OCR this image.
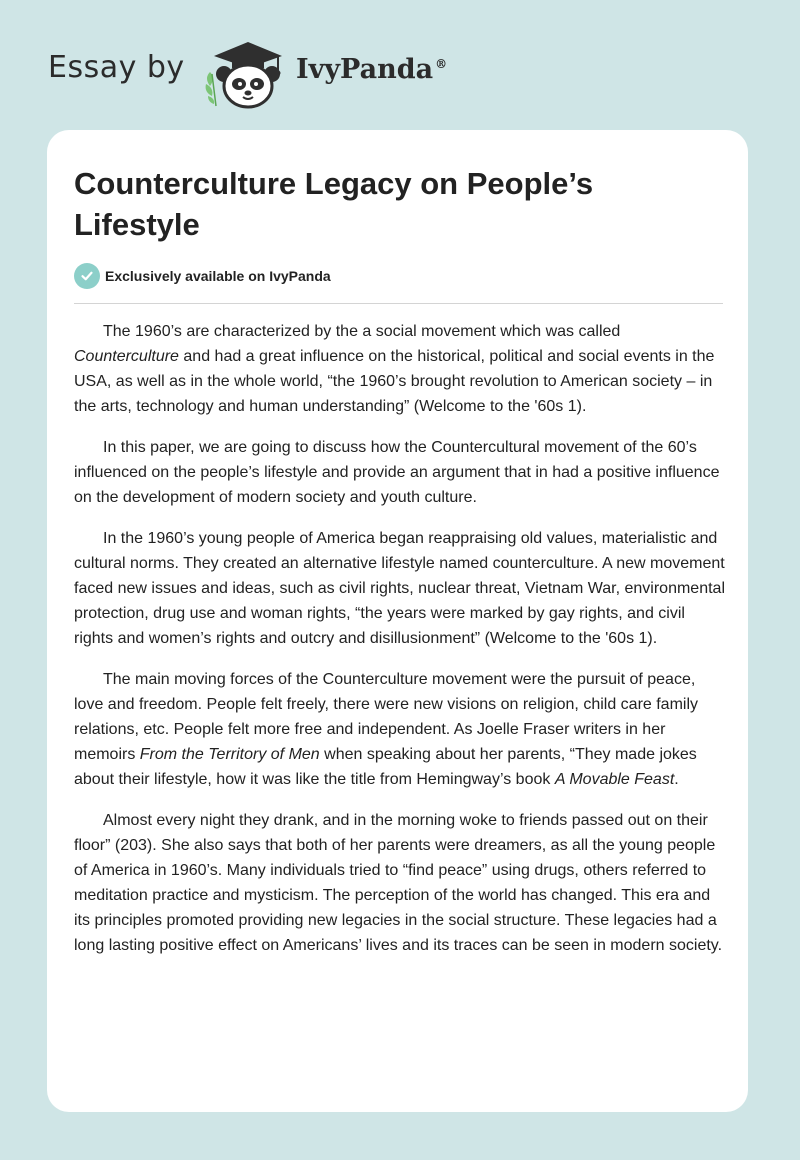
Essay by	IvyPanda ®
Counterculture Legacy on People’s Lifestyle
Exclusively available on IvyPanda

The 1960’s are characterized by the a social movement which was called Counterculture and had a great influence on the historical, political and social events in the USA, as well as in the whole world, “the 1960’s brought revolution to American society – in the arts, technology and human understanding” (Welcome to the '60s 1).

In this paper, we are going to discuss how the Countercultural movement of the 60’s influenced on the people’s lifestyle and provide an argument that in had a positive influence on the development of modern society and youth culture.

In the 1960’s young people of America began reappraising old values, materialistic and cultural norms. They created an alternative lifestyle named counterculture. A new movement faced new issues and ideas, such as civil rights, nuclear threat, Vietnam War, environmental protection, drug use and woman rights, “the years were marked by gay rights, and civil rights and women’s rights and outcry and disillusionment” (Welcome to the '60s 1).

The main moving forces of the Counterculture movement were the pursuit of peace, love and freedom. People felt freely, there were new visions on religion, child care family relations, etc. People felt more free and independent. As Joelle Fraser writers in her memoirs From the Territory of Men when speaking about her parents, “They made jokes about their lifestyle, how it was like the title from Hemingway’s book A Movable Feast.

Almost every night they drank, and in the morning woke to friends passed out on their floor” (203). She also says that both of her parents were dreamers, as all the young people of America in 1960’s. Many individuals tried to “find peace” using drugs, others referred to meditation practice and mysticism. The perception of the world has changed. This era and its principles promoted providing new legacies in the social structure. These legacies had a long lasting positive effect on Americans’ lives and its traces can be seen in modern society.
